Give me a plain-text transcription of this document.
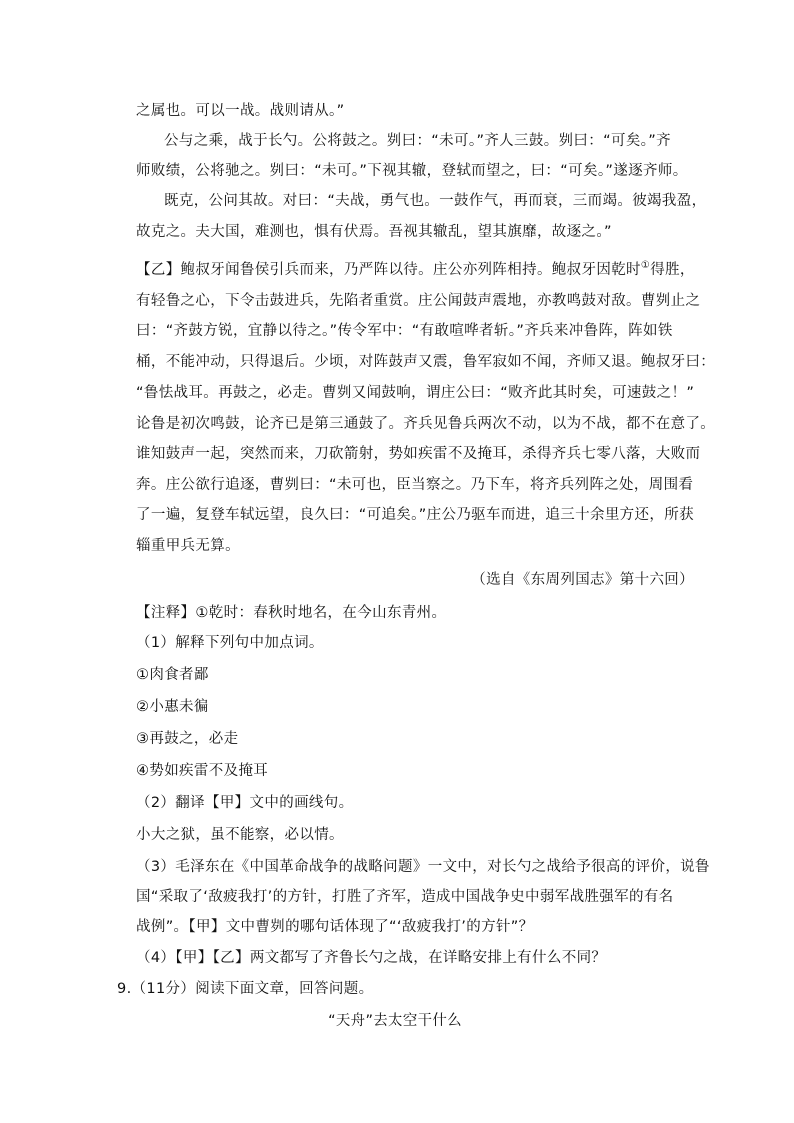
之属也。可以一战。战则请从。”
公与之乘，战于长勺。公将鼓之。刿曰：“未可。”齐人三鼓。刿曰：“可矣。”齐
师败绩，公将驰之。刿曰：“未可。”下视其辙，登轼而望之，曰：“可矣。”遂逐齐师。
既克，公问其故。对曰：“夫战，勇气也。一鼓作气，再而衰，三而竭。彼竭我盈，
故克之。夫大国，难测也，惧有伏焉。吾视其辙乱，望其旗靡，故逐之。”
【乙】鲍叔牙闻鲁侯引兵而来，乃严阵以待。庄公亦列阵相持。鲍叔牙因乾时①得胜，
有轻鲁之心，下令击鼓进兵，先陷者重赏。庄公闻鼓声震地，亦教鸣鼓对敌。曹刿止之
曰：“齐鼓方锐，宜静以待之。”传令军中：“有敢喧哗者斩。”齐兵来冲鲁阵，阵如铁
桶，不能冲动，只得退后。少顷，对阵鼓声又震，鲁军寂如不闻，齐师又退。鲍叔牙曰：
“鲁怯战耳。再鼓之，必走。曹刿又闻鼓响，谓庄公曰：“败齐此其时矣，可速鼓之！”
论鲁是初次鸣鼓，论齐已是第三通鼓了。齐兵见鲁兵两次不动，以为不战，都不在意了。
谁知鼓声一起，突然而来，刀砍箭射，势如疾雷不及掩耳，杀得齐兵七零八落，大败而
奔。庄公欲行追逐，曹刿曰：“未可也，臣当察之。乃下车，将齐兵列阵之处，周围看
了一遍，复登车轼远望，良久曰：“可追矣。”庄公乃驱车而进，追三十余里方还，所获
辎重甲兵无算。
（选自《东周列国志》第十六回）
【注释】①乾时：春秋时地名，在今山东青州。
（1）解释下列句中加点词。
①肉食者鄙
②小惠未徧
③再鼓之，必走
④势如疾雷不及掩耳
（2）翻译【甲】文中的画线句。
小大之狱，虽不能察，必以情。
（3）毛泽东在《中国革命战争的战略问题》一文中，对长勺之战给予很高的评价，说鲁
国“采取了‘敌疲我打’的方针，打胜了齐军，造成中国战争史中弱军战胜强军的有名
战例”。【甲】文中曹刿的哪句话体现了“‘敌疲我打’的方针”？
（4）【甲】【乙】两文都写了齐鲁长勺之战，在详略安排上有什么不同？
9.（11分）阅读下面文章，回答问题。
“天舟”去太空干什么
